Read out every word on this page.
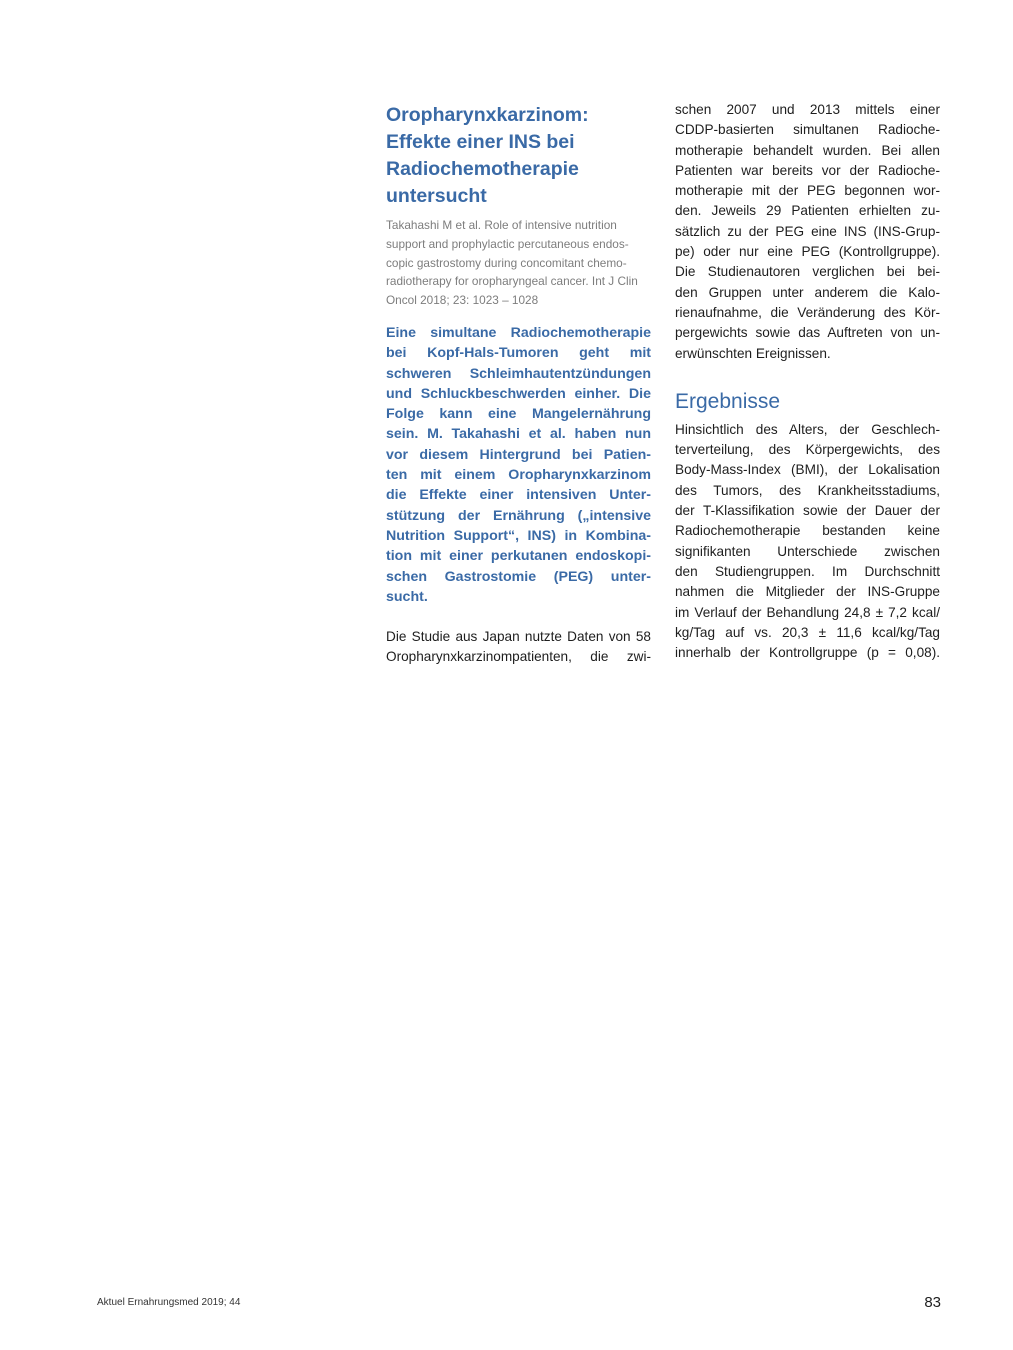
Oropharynxkarzinom:
Effekte einer INS bei
Radiochemotherapie
untersucht
Takahashi M et al. Role of intensive nutrition
support and prophylactic percutaneous endos-
copic gastrostomy during concomitant chemo-
radiotherapy for oropharyngeal cancer. Int J Clin
Oncol 2018; 23: 1023 – 1028
Eine simultane Radiochemotherapie
bei Kopf-Hals-Tumoren geht mit
schweren Schleimhautentzündungen
und Schluckbeschwerden einher. Die
Folge kann eine Mangelernährung
sein. M. Takahashi et al. haben nun
vor diesem Hintergrund bei Patien-
ten mit einem Oropharynxkarzinom
die Effekte einer intensiven Unter-
stützung der Ernährung („intensive
Nutrition Support“, INS) in Kombina-
tion mit einer perkutanen endoskopi-
schen Gastrostomie (PEG) unter-
sucht.
Die Studie aus Japan nutzte Daten von 58
Oropharynxkarzinompatienten, die zwi-
schen 2007 und 2013 mittels einer
CDDP-basierten simultanen Radioche-
motherapie behandelt wurden. Bei allen
Patienten war bereits vor der Radioche-
motherapie mit der PEG begonnen wor-
den. Jeweils 29 Patienten erhielten zu-
sätzlich zu der PEG eine INS (INS-Grup-
pe) oder nur eine PEG (Kontrollgruppe).
Die Studienautoren verglichen bei bei-
den Gruppen unter anderem die Kalo-
rienaufnahme, die Veränderung des Kör-
pergewichts sowie das Auftreten von un-
erwünschten Ereignissen.
Ergebnisse
Hinsichtlich des Alters, der Geschlech-
terverteilung, des Körpergewichts, des
Body-Mass-Index (BMI), der Lokalisation
des Tumors, des Krankheitsstadiums,
der T-Klassifikation sowie der Dauer der
Radiochemotherapie bestanden keine
signifikanten Unterschiede zwischen
den Studiengruppen. Im Durchschnitt
nahmen die Mitglieder der INS-Gruppe
im Verlauf der Behandlung 24,8 ± 7,2 kcal/
kg/Tag auf vs. 20,3 ± 11,6 kcal/kg/Tag
innerhalb der Kontrollgruppe (p = 0,08).
Aktuel Ernahrungsmed 2019; 44	83
